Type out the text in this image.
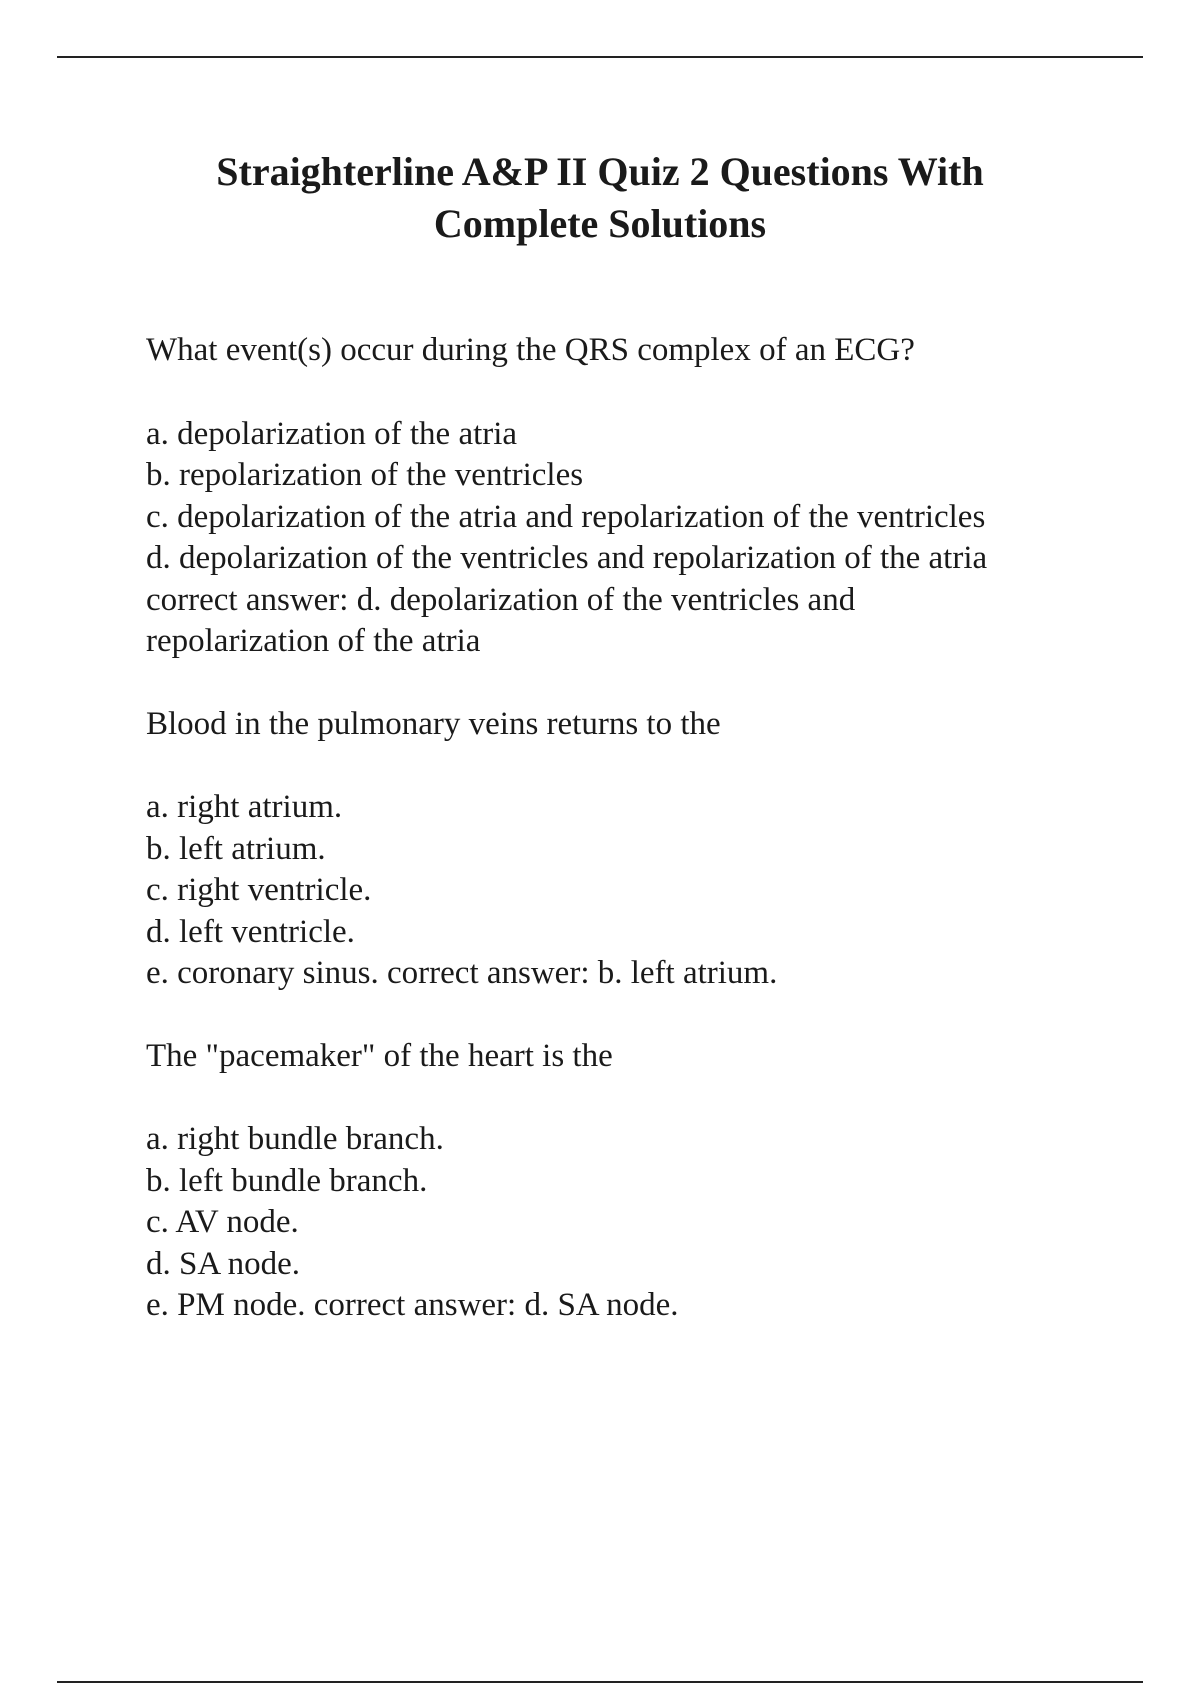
Straighterline A&P II Quiz 2 Questions With
Complete Solutions
What event(s) occur during the QRS complex of an ECG?
a. depolarization of the atria
b. repolarization of the ventricles
c. depolarization of the atria and repolarization of the ventricles
d. depolarization of the ventricles and repolarization of the atria
correct answer: d. depolarization of the ventricles and
repolarization of the atria
Blood in the pulmonary veins returns to the
a. right atrium.
b. left atrium.
c. right ventricle.
d. left ventricle.
e. coronary sinus. correct answer: b. left atrium.
The "pacemaker" of the heart is the
a. right bundle branch.
b. left bundle branch.
c. AV node.
d. SA node.
e. PM node. correct answer: d. SA node.
